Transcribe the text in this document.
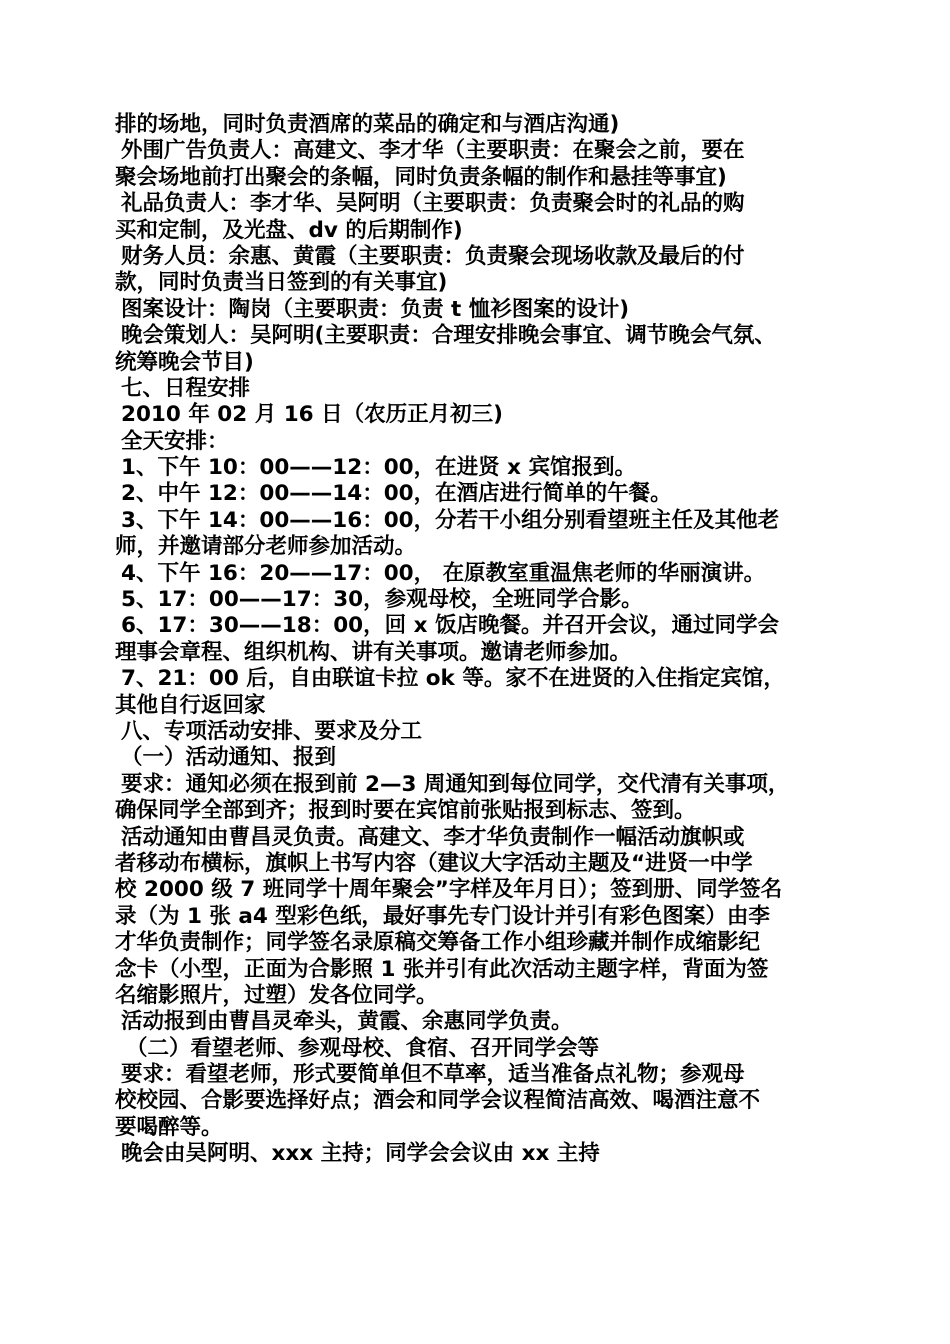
排的场地，同时负责酒席的菜品的确定和与酒店沟通)
外围广告负责人：高建文、李才华（主要职责：在聚会之前，要在
聚会场地前打出聚会的条幅，同时负责条幅的制作和悬挂等事宜)
礼品负责人：李才华、吴阿明（主要职责：负责聚会时的礼品的购
买和定制，及光盘、dv 的后期制作)
财务人员：余惠、黄霞（主要职责：负责聚会现场收款及最后的付
款，同时负责当日签到的有关事宜)
图案设计：陶岗（主要职责：负责 t 恤衫图案的设计)
晚会策划人：吴阿明(主要职责：合理安排晚会事宜、调节晚会气氛、
统筹晚会节目)
七、日程安排
2010 年 02 月 16 日（农历正月初三)
全天安排：
1、下午 10：00——12：00，在进贤 x 宾馆报到。
2、中午 12：00——14：00，在酒店进行简单的午餐。
3、下午 14：00——16：00，分若干小组分别看望班主任及其他老
师，并邀请部分老师参加活动。
4、下午 16：20——17：00， 在原教室重温焦老师的华丽演讲。
5、17：00——17：30，参观母校，全班同学合影。
6、17：30——18：00，回 x 饭店晚餐。并召开会议，通过同学会
理事会章程、组织机构、讲有关事项。邀请老师参加。
7、21：00 后，自由联谊卡拉 ok 等。家不在进贤的入住指定宾馆，
其他自行返回家
八、专项活动安排、要求及分工
（一）活动通知、报到
要求：通知必须在报到前 2—3 周通知到每位同学，交代清有关事项，
确保同学全部到齐；报到时要在宾馆前张贴报到标志、签到。
活动通知由曹昌灵负责。高建文、李才华负责制作一幅活动旗帜或
者移动布横标，旗帜上书写内容（建议大字活动主题及“进贤一中学
校 2000 级 7 班同学十周年聚会”字样及年月日）；签到册、同学签名
录（为 1 张 a4 型彩色纸，最好事先专门设计并引有彩色图案）由李
才华负责制作；同学签名录原稿交筹备工作小组珍藏并制作成缩影纪
念卡（小型，正面为合影照 1 张并引有此次活动主题字样，背面为签
名缩影照片，过塑）发各位同学。
活动报到由曹昌灵牵头，黄霞、余惠同学负责。
（二）看望老师、参观母校、食宿、召开同学会等
要求：看望老师，形式要简单但不草率，适当准备点礼物；参观母
校校园、合影要选择好点；酒会和同学会议程简洁高效、喝酒注意不
要喝醉等。
晚会由吴阿明、xxx 主持；同学会会议由 xx 主持
